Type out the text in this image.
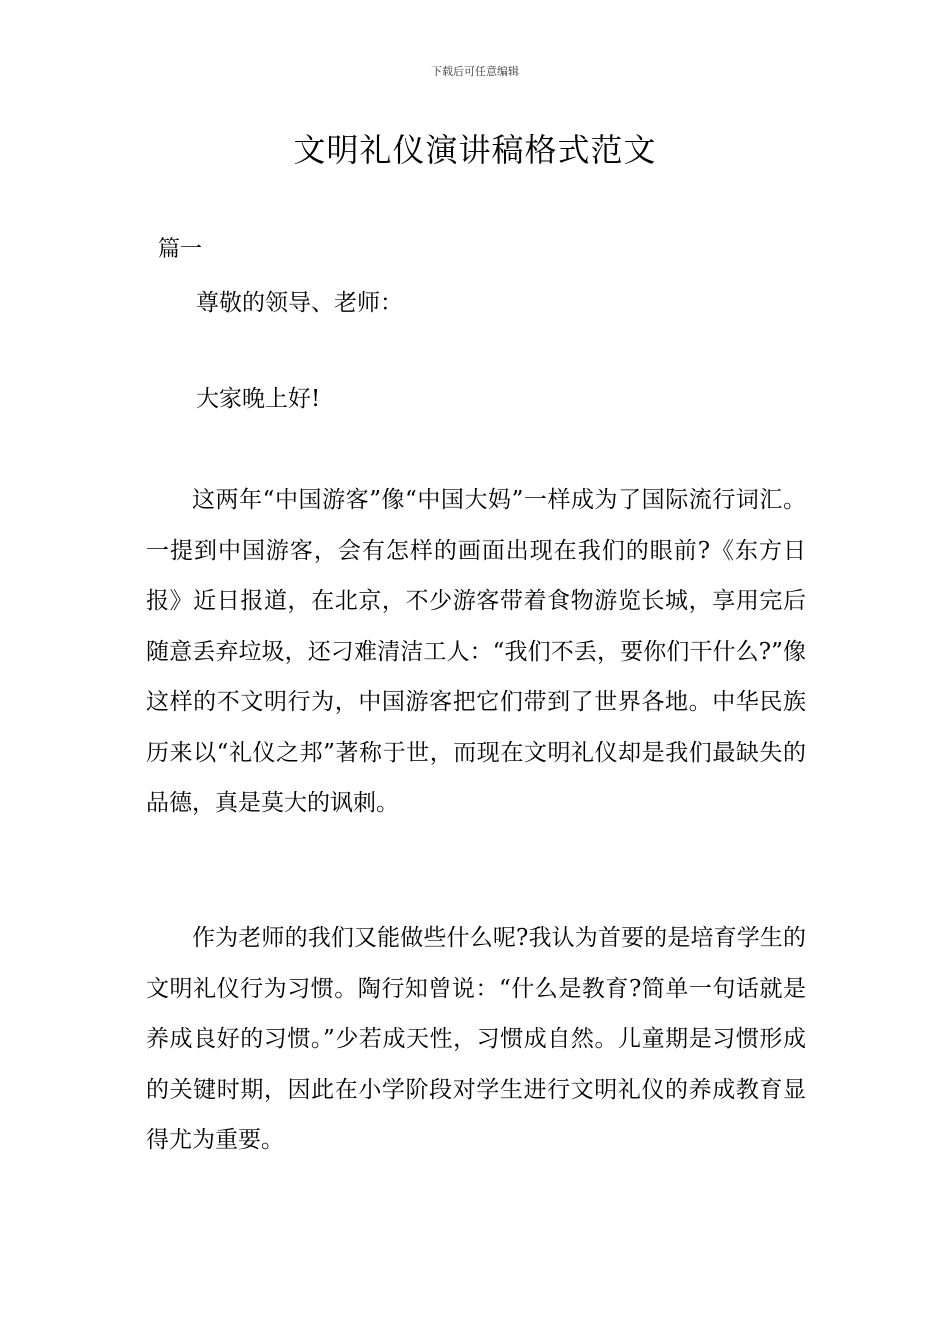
下载后可任意编辑
文明礼仪演讲稿格式范文
篇一
尊敬的领导、老师：
大家晚上好!

这两年“中国游客”像“中国大妈”一样成为了国际流行词汇。一提到中国游客，会有怎样的画面出现在我们的眼前?《东方日报》近日报道，在北京，不少游客带着食物游览长城，享用完后随意丢弃垃圾，还刁难清洁工人：“我们不丢，要你们干什么?”像这样的不文明行为，中国游客把它们带到了世界各地。中华民族历来以“礼仪之邦”著称于世，而现在文明礼仪却是我们最缺失的品德，真是莫大的讽刺。

作为老师的我们又能做些什么呢?我认为首要的是培育学生的文明礼仪行为习惯。陶行知曾说：“什么是教育?简单一句话就是养成良好的习惯。”少若成天性，习惯成自然。儿童期是习惯形成的关键时期，因此在小学阶段对学生进行文明礼仪的养成教育显得尤为重要。
